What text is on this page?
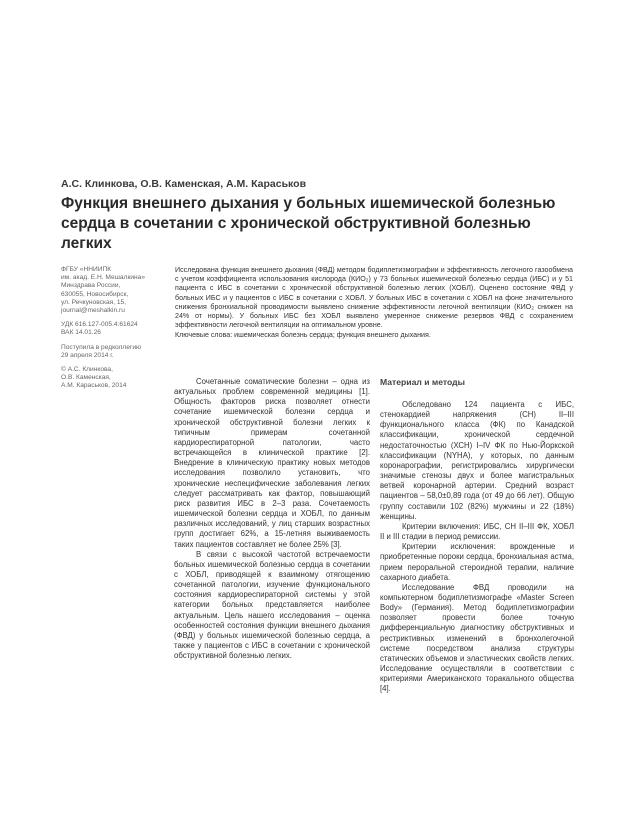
А.С. Клинкова, О.В. Каменская, А.М. Караськов
Функция внешнего дыхания у больных ишемической болезнью сердца в сочетании с хронической обструктивной болезнью легких

ФГБУ «ННИИПК
им. акад. Е.Н. Мешалкина»
Минздрава России,
630055, Новосибирск,
ул. Речкуновская, 15,
journal@meshalkin.ru

УДК 616.127-005.4:61624
ВАК 14.01.26

Поступила в редколлегию
29 апреля 2014 г.

© А.С. Клинкова,
О.В. Каменская,
А.М. Караськов, 2014

Исследована функция внешнего дыхания (ФВД) методом бодиплетизмографии и эффективность легочного газообмена с учетом коэффициента использования кислорода (КИО₂) у 73 больных ишемической болезнью сердца (ИБС) и у 51 пациента с ИБС в сочетании с хронической обструктивной болезнью легких (ХОБЛ). Оценено состояние ФВД у больных ИБС и у пациентов с ИБС в сочетании с ХОБЛ. У больных ИБС в сочетании с ХОБЛ на фоне значительного снижения бронхиальной проводимости выявлено снижение эффективности легочной вентиляции (КИО₂ снижен на 24% от нормы). У больных ИБС без ХОБЛ выявлено умеренное снижение резервов ФВД с сохранением эффективности легочной вентиляции на оптимальном уровне.

Ключевые слова: ишемическая болезнь сердца; функция внешнего дыхания.

Сочетанные соматические болезни – одна из актуальных проблем современной медицины [1]. Общность факторов риска позволяет отнести сочетание ишемической болезни сердца и хронической обструктивной болезни легких к типичным примерам сочетанной кардиореспираторной патологии, часто встречающейся в клинической практике [2]. Внедрение в клиническую практику новых методов исследования позволило установить, что хронические неспецифические заболевания легких следует рассматривать как фактор, повышающий риск развития ИБС в 2–3 раза. Сочетаемость ишемической болезни сердца и ХОБЛ, по данным различных исследований, у лиц старших возрастных групп достигает 62%, а 15-летняя выживаемость таких пациентов составляет не более 25% [3].

В связи с высокой частотой встречаемости больных ишемической болезнью сердца в сочетании с ХОБЛ, приводящей к взаимному отягощению сочетанной патологии, изучение функционального состояния кардиореспираторной системы у этой категории больных представляется наиболее актуальным. Цель нашего исследования – оценка особенностей состояния функции внешнего дыхания (ФВД) у больных ишемической болезнью сердца, а также у пациентов с ИБС в сочетании с хронической обструктивной болезнью легких.

Материал и методы

Обследовано 124 пациента с ИБС, стенокардией напряжения (СН) II–III функционального класса (ФК) по Канадской классификации, хронической сердечной недостаточностью (ХСН) I–IV ФК по Нью-Йоркской классификации (NYHA), у которых, по данным коронарографии, регистрировались хирургически значимые стенозы двух и более магистральных ветвей коронарной артерии. Средний возраст пациентов – 58,0±0,89 года (от 49 до 66 лет). Общую группу составили 102 (82%) мужчины и 22 (18%) женщины.

Критерии включения: ИБС, СН II–III ФК, ХОБЛ II и III стадии в период ремиссии.

Критерии исключения: врожденные и приобретенные пороки сердца, бронхиальная астма, прием пероральной стероидной терапии, наличие сахарного диабета.

Исследование ФВД проводили на компьютерном бодиплетизмографе «Master Screen Body» (Германия). Метод бодиплетизмографии позволяет провести более точную дифференциальную диагностику обструктивных и рестриктивных изменений в бронхолегочной системе посредством анализа структуры статических объемов и эластических свойств легких. Исследование осуществляли в соответствии с критериями Американского торакального общества [4].
